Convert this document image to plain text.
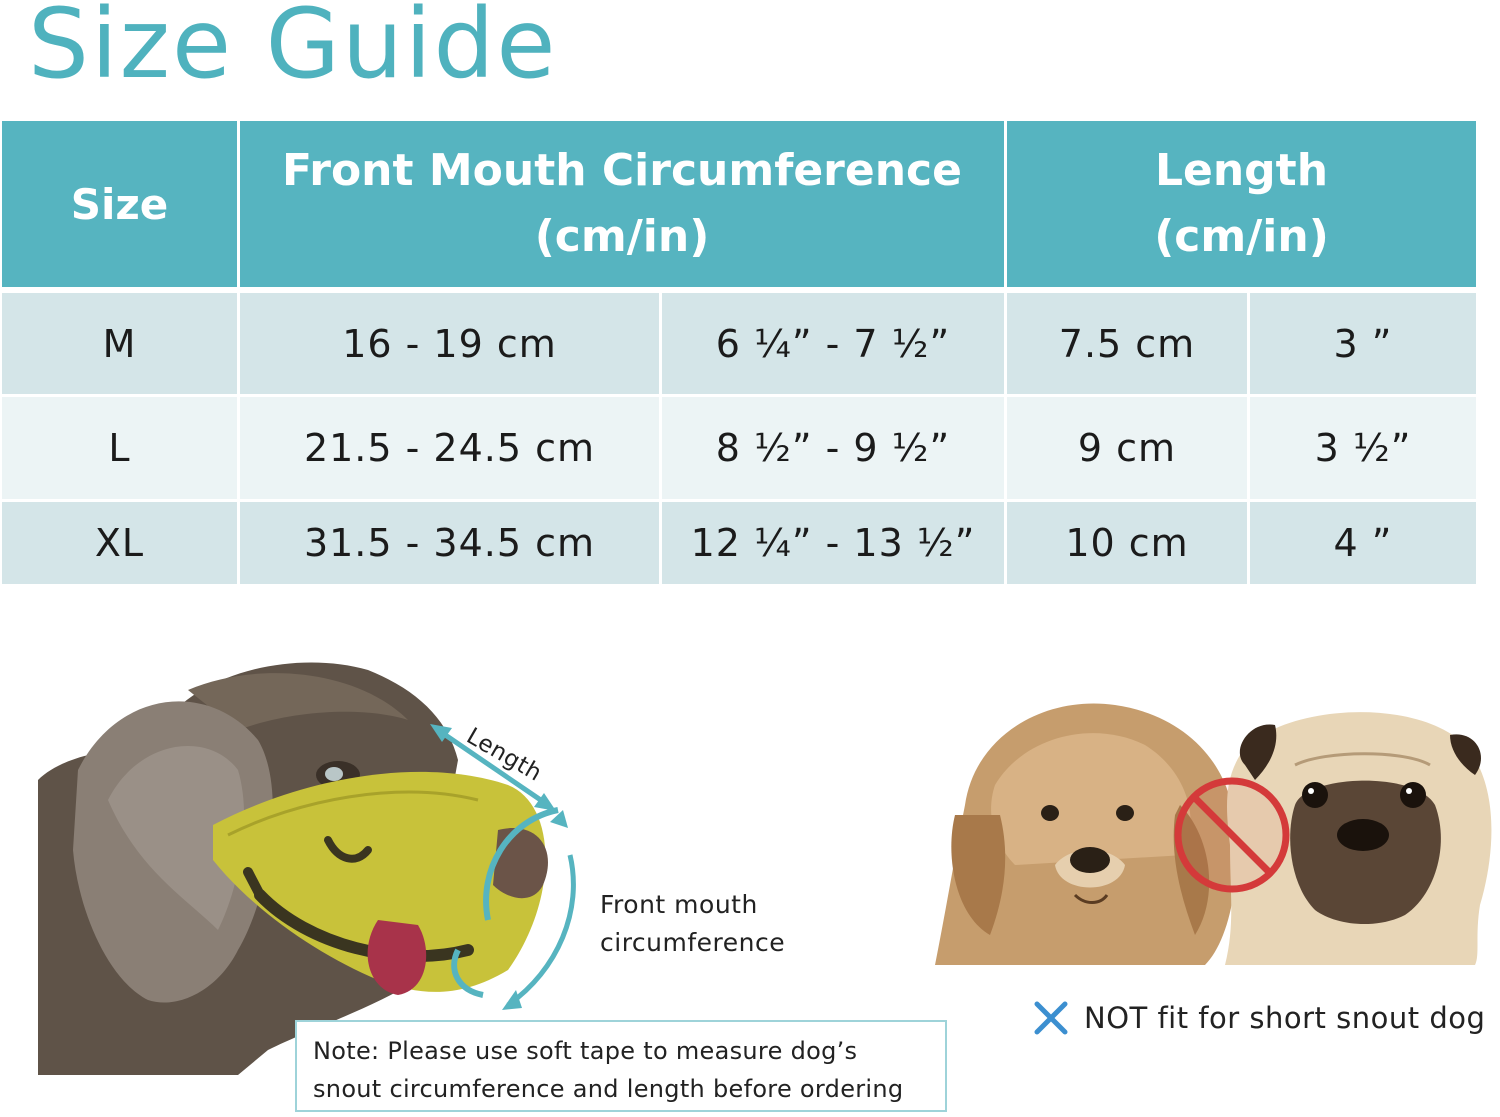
Size Guide
Size
Front Mouth Circumference
(cm/in)
Length
(cm/in)
M	16 - 19 cm	6 ¼” - 7 ½”	7.5 cm	3 ”
L	21.5 - 24.5 cm	8 ½” - 9 ½”	9 cm	3 ½”
XL	31.5 - 34.5 cm	12 ¼” - 13 ½”	10 cm	4 ”
Length
Front mouth
circumference
Note: Please use soft tape to measure dog’s
snout circumference and length before ordering
NOT fit for short snout dog
